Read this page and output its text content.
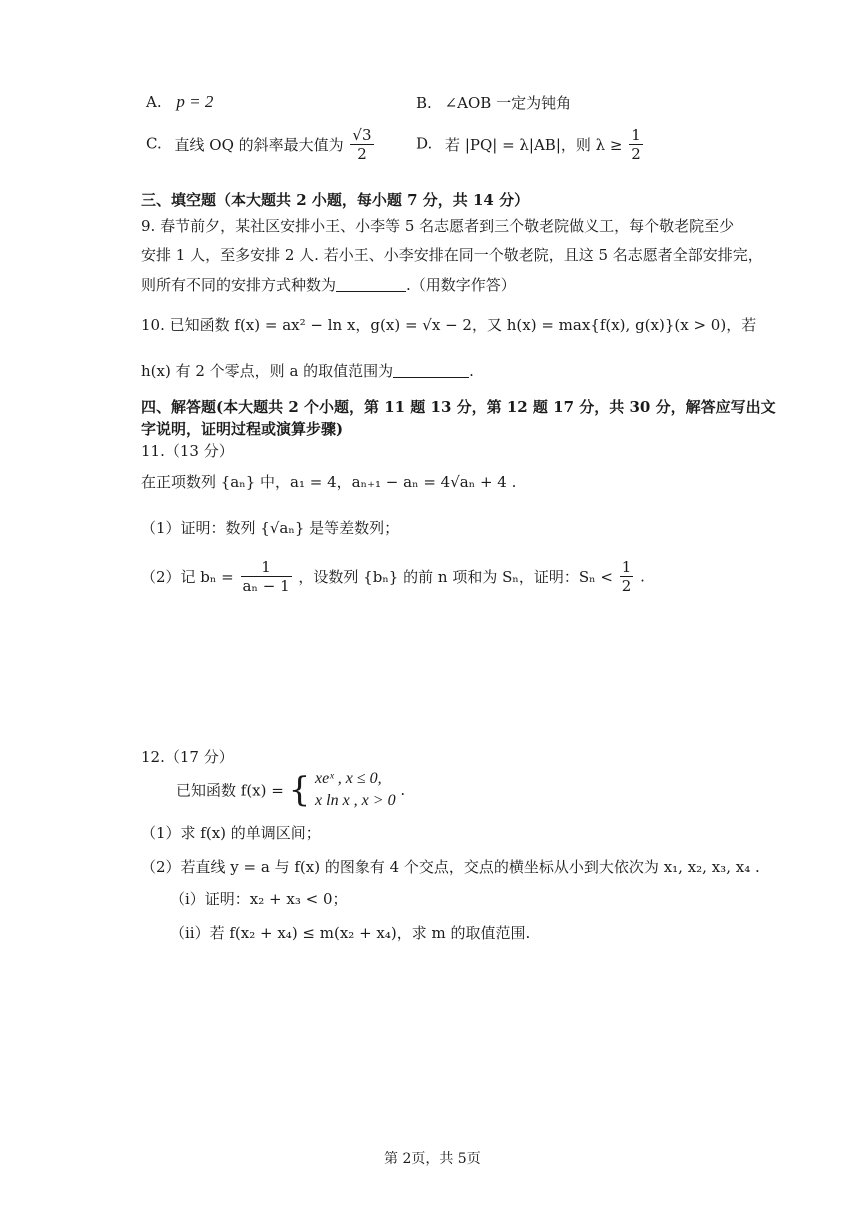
A. p = 2	B. ∠AOB 一定为钝角
C. 直线 OQ 的斜率最大值为 $\frac{√3}{2}$	D. 若 |PQ| = λ|AB|，则 $\lambda \ge \frac{1}{2}$
三、填空题（本大题共 2 小题，每小题 7 分，共 14 分）
9. 春节前夕，某社区安排小王、小李等 5 名志愿者到三个敬老院做义工，每个敬老院至少
安排 1 人，至多安排 2 人. 若小王、小李安排在同一个敬老院，且这 5 名志愿者全部安排完，
则所有不同的安排方式种数为	.（用数字作答）
10. 已知函数 f(x) = ax² − ln x，g(x) = √x − 2，又 h(x) = max{f(x), g(x)}(x > 0)，若
h(x) 有 2 个零点，则 a 的取值范围为	.
四、解答题(本大题共 2 个小题，第 11 题 13 分，第 12 题 17 分，共 30 分，解答应写出文
字说明，证明过程或演算步骤)
11.（13 分）
在正项数列 {aₙ} 中，a₁ = 4，aₙ₊₁ − aₙ = 4√aₙ + 4 .
（1）证明：数列 {√aₙ} 是等差数列；
（2）记 $b_n = \frac{1}{\text{aₙ − 1}}$ ，设数列 {bₙ} 的前 n 项和为 Sₙ，证明：$S_n < \frac{1}{2}$ .
12.（17 分）
已知函数 f(x) = { xeˣ , x ≤ 0,
x ln x , x > 0
.
（1）求 f(x) 的单调区间；
（2）若直线 y = a 与 f(x) 的图象有 4 个交点，交点的横坐标从小到大依次为 x₁, x₂, x₃, x₄ .
（i）证明：x₂ + x₃ < 0；
（ii）若 f(x₂ + x₄) ≤ m(x₂ + x₄)，求 m 的取值范围.
第 2页，共 5页
